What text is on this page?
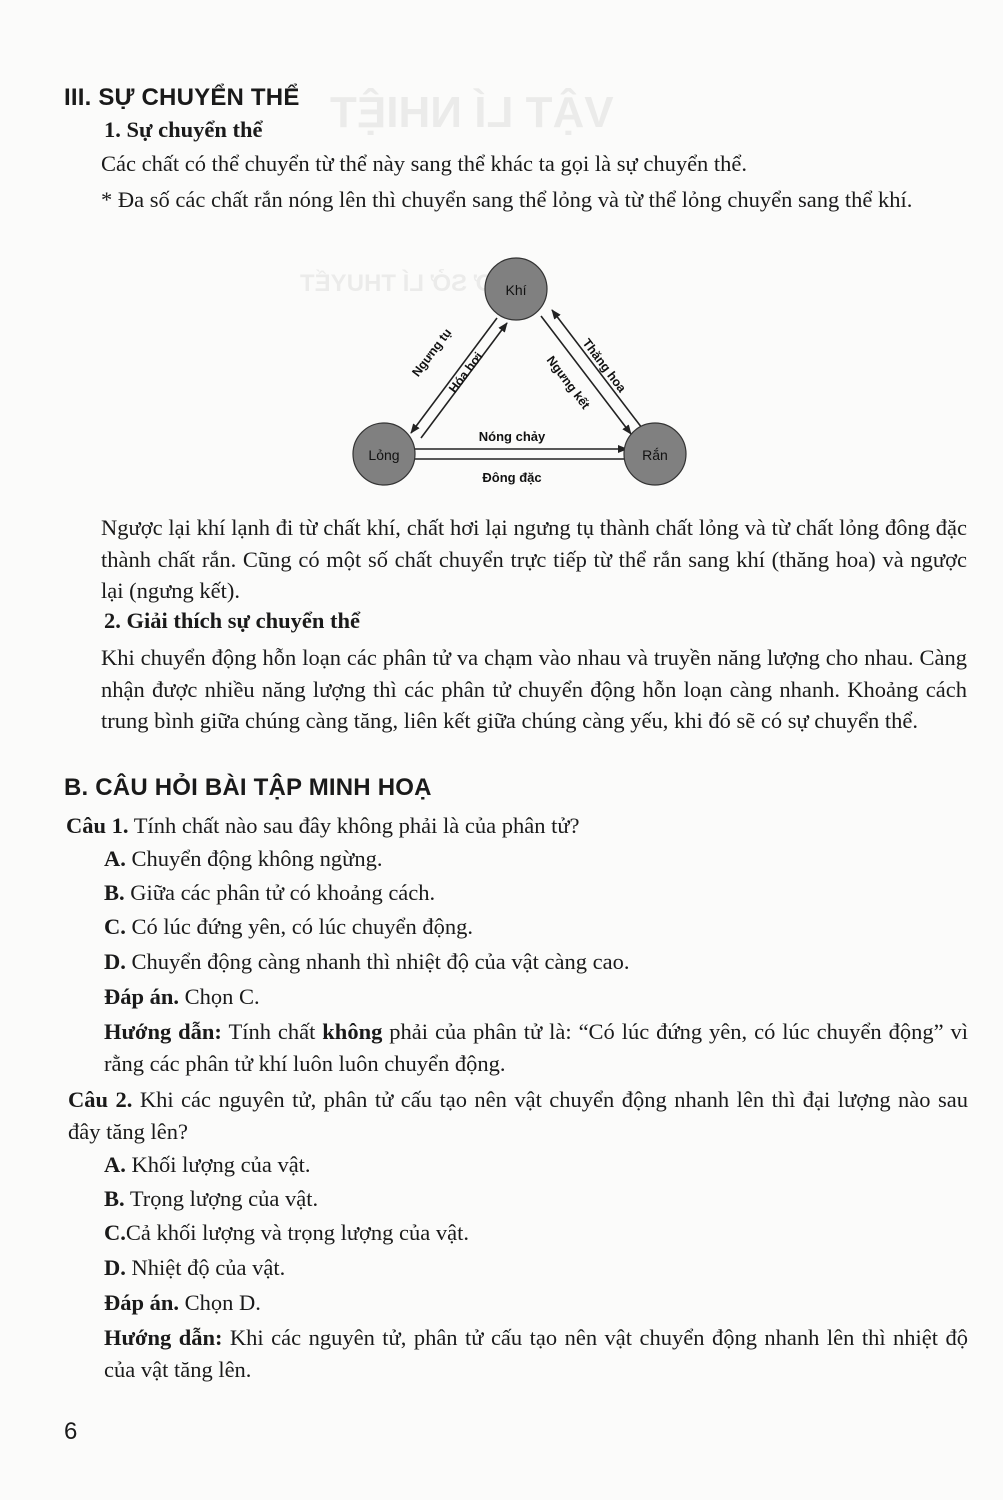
VẬT LÍ NHIỆT
CƠ SỞ LÍ THUYẾT
III. SỰ CHUYỂN THỂ
1. Sự chuyển thể
Các chất có thể chuyển từ thể này sang thể khác ta gọi là sự chuyển thể.
* Đa số các chất rắn nóng lên thì chuyển sang thể lỏng và từ thể lỏng chuyển sang thể khí.
Khí
Lỏng	Rắn
Ngưng tụ
Hóa hơi	Thăng hoa
Ngưng kết
Nóng chảy
Đông đặc
Ngược lại khí lạnh đi từ chất khí, chất hơi lại ngưng tụ thành chất lỏng và từ chất lỏng đông đặc thành chất rắn. Cũng có một số chất chuyển trực tiếp từ thể rắn sang khí (thăng hoa) và ngược lại (ngưng kết).
2. Giải thích sự chuyển thể
Khi chuyển động hỗn loạn các phân tử va chạm vào nhau và truyền năng lượng cho nhau. Càng nhận được nhiều năng lượng thì các phân tử chuyển động hỗn loạn càng nhanh. Khoảng cách trung bình giữa chúng càng tăng, liên kết giữa chúng càng yếu, khi đó sẽ có sự chuyển thể.
B. CÂU HỎI BÀI TẬP MINH HOẠ
Câu 1. Tính chất nào sau đây không phải là của phân tử?
A. Chuyển động không ngừng.
B. Giữa các phân tử có khoảng cách.
C. Có lúc đứng yên, có lúc chuyển động.
D. Chuyển động càng nhanh thì nhiệt độ của vật càng cao.
Đáp án. Chọn C.
Hướng dẫn: Tính chất không phải của phân tử là: “Có lúc đứng yên, có lúc chuyển động” vì rằng các phân tử khí luôn luôn chuyển động.
Câu 2. Khi các nguyên tử, phân tử cấu tạo nên vật chuyển động nhanh lên thì đại lượng nào sau đây tăng lên?
A. Khối lượng của vật.
B. Trọng lượng của vật.
C.Cả khối lượng và trọng lượng của vật.
D. Nhiệt độ của vật.
Đáp án. Chọn D.
Hướng dẫn: Khi các nguyên tử, phân tử cấu tạo nên vật chuyển động nhanh lên thì nhiệt độ của vật tăng lên.
6
